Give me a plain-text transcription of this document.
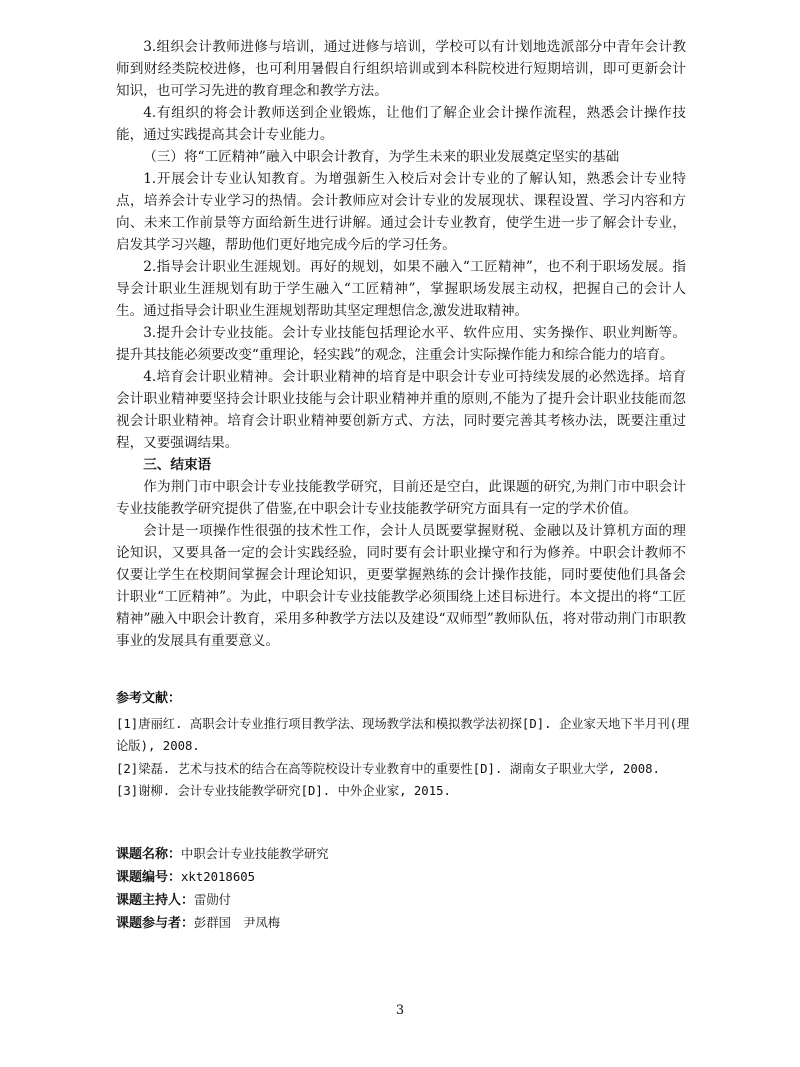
3.组织会计教师进修与培训，通过进修与培训，学校可以有计划地选派部分中青年会计教师到财经类院校进修，也可利用暑假自行组织培训或到本科院校进行短期培训，即可更新会计知识，也可学习先进的教育理念和教学方法。

4.有组织的将会计教师送到企业锻炼，让他们了解企业会计操作流程，熟悉会计操作技能，通过实践提高其会计专业能力。

（三）将“工匠精神”融入中职会计教育，为学生未来的职业发展奠定坚实的基础

1.开展会计专业认知教育。为增强新生入校后对会计专业的了解认知，熟悉会计专业特点，培养会计专业学习的热情。会计教师应对会计专业的发展现状、课程设置、学习内容和方向、未来工作前景等方面给新生进行讲解。通过会计专业教育，使学生进一步了解会计专业，启发其学习兴趣，帮助他们更好地完成今后的学习任务。

2.指导会计职业生涯规划。再好的规划，如果不融入“工匠精神”，也不利于职场发展。指导会计职业生涯规划有助于学生融入“工匠精神”，掌握职场发展主动权，把握自己的会计人生。通过指导会计职业生涯规划帮助其坚定理想信念,激发进取精神。

3.提升会计专业技能。会计专业技能包括理论水平、软件应用、实务操作、职业判断等。提升其技能必须要改变“重理论，轻实践”的观念，注重会计实际操作能力和综合能力的培育。

4.培育会计职业精神。会计职业精神的培育是中职会计专业可持续发展的必然选择。培育会计职业精神要坚持会计职业技能与会计职业精神并重的原则,不能为了提升会计职业技能而忽视会计职业精神。培育会计职业精神要创新方式、方法，同时要完善其考核办法，既要注重过程，又要强调结果。

三、结束语

作为荆门市中职会计专业技能教学研究，目前还是空白，此课题的研究,为荆门市中职会计专业技能教学研究提供了借鉴,在中职会计专业技能教学研究方面具有一定的学术价值。

会计是一项操作性很强的技术性工作，会计人员既要掌握财税、金融以及计算机方面的理论知识，又要具备一定的会计实践经验，同时要有会计职业操守和行为修养。中职会计教师不仅要让学生在校期间掌握会计理论知识，更要掌握熟练的会计操作技能，同时要使他们具备会计职业“工匠精神”。为此，中职会计专业技能教学必须围绕上述目标进行。本文提出的将“工匠精神”融入中职会计教育，采用多种教学方法以及建设“双师型”教师队伍，将对带动荆门市职教事业的发展具有重要意义。

参考文献：

[1]唐丽红. 高职会计专业推行项目教学法、现场教学法和模拟教学法初探[D]. 企业家天地下半月刊(理论版), 2008.

[2]梁磊. 艺术与技术的结合在高等院校设计专业教育中的重要性[D]. 湖南女子职业大学, 2008.

[3]谢柳. 会计专业技能教学研究[D]. 中外企业家, 2015.

课题名称：中职会计专业技能教学研究

课题编号：xkt2018605

课题主持人：雷勋付

课题参与者：彭群国　尹凤梅

3
